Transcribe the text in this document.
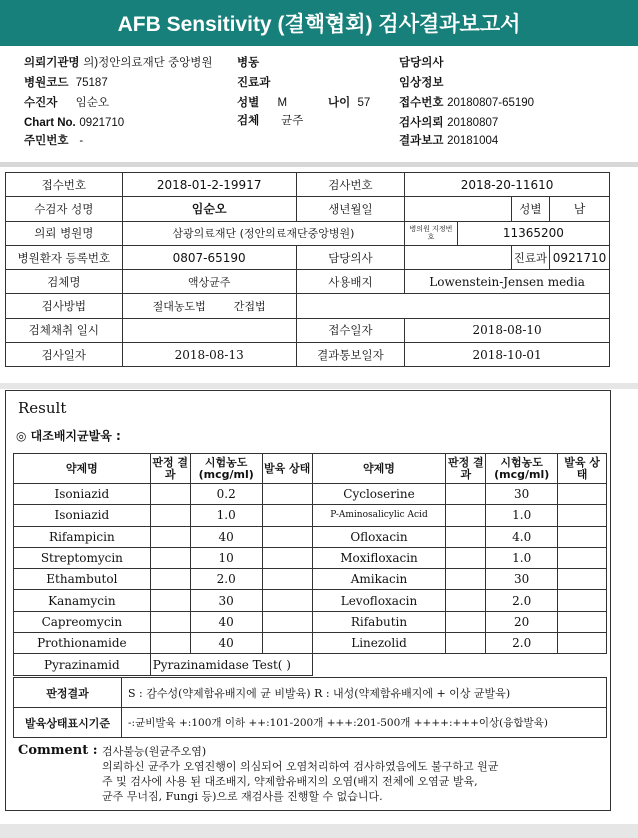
AFB Sensitivity (결핵협회) 검사결과보고서
의뢰기관명 의)정안의료재단 중앙병원 병동	담당의사
병원코드 75187	진료과	임상정보
수진자 임순오	성별 M	나이 57 접수번호 20180807-65190
Chart No. 0921710	검체 균주	검사의뢰 20180807
주민번호 -	결과보고 20181004
접수번호	2018-01-2-19917	검사번호	2018-20-11610			
수검자 성명	임순오	생년월일			성별	남
의뢰 병원명	삼광의료재단 (정안의료재단중앙병원)		병의원 지정번호	11365200		
병원환자 등록번호	0807-65190	담당의사			진료과	0921710
검체명	액상균주	사용배지	Lowenstein-Jensen media			
검사방법	절대농도법 간접법					
검체채취 일시		접수일자	2018-08-10			
검사일자	2018-08-13	결과통보일자	2018-10-01			
Result
◎ 대조배지균발육 :
약제명	판정 결과	시험농도 (mcg/ml)	발육 상태	약제명	판정 결과	시험농도 (mcg/ml)	발육 상태
Isoniazid		0.2		Cycloserine		30	
Isoniazid		1.0		P-Aminosalicylic Acid		1.0	
Rifampicin		40		Ofloxacin		4.0	
Streptomycin		10		Moxifloxacin		1.0	
Ethambutol		2.0		Amikacin		30	
Kanamycin		30		Levofloxacin		2.0	
Capreomycin		40		Rifabutin		20	
Prothionamide		40		Linezolid		2.0	
Pyrazinamid	Pyrazinamidase Test( )						
판정결과	S : 감수성(약제함유배지에 균 비발육) R : 내성(약제함유배지에 + 이상 균발육)
발육상태표시기준	-:균비발육 +:100개 이하 ++:101-200개 +++:201-500개 ++++:+++이상(융합발육)
Comment : 검사불능(원균주오염)
의뢰하신 균주가 오염진행이 의심되어 오염처리하여 검사하였음에도 불구하고 원균
주 및 검사에 사용 된 대조배지, 약제함유배지의 오염(배지 전체에 오염균 발육,
균주 무너짐, Fungi 등)으로 재검사를 진행할 수 없습니다.
